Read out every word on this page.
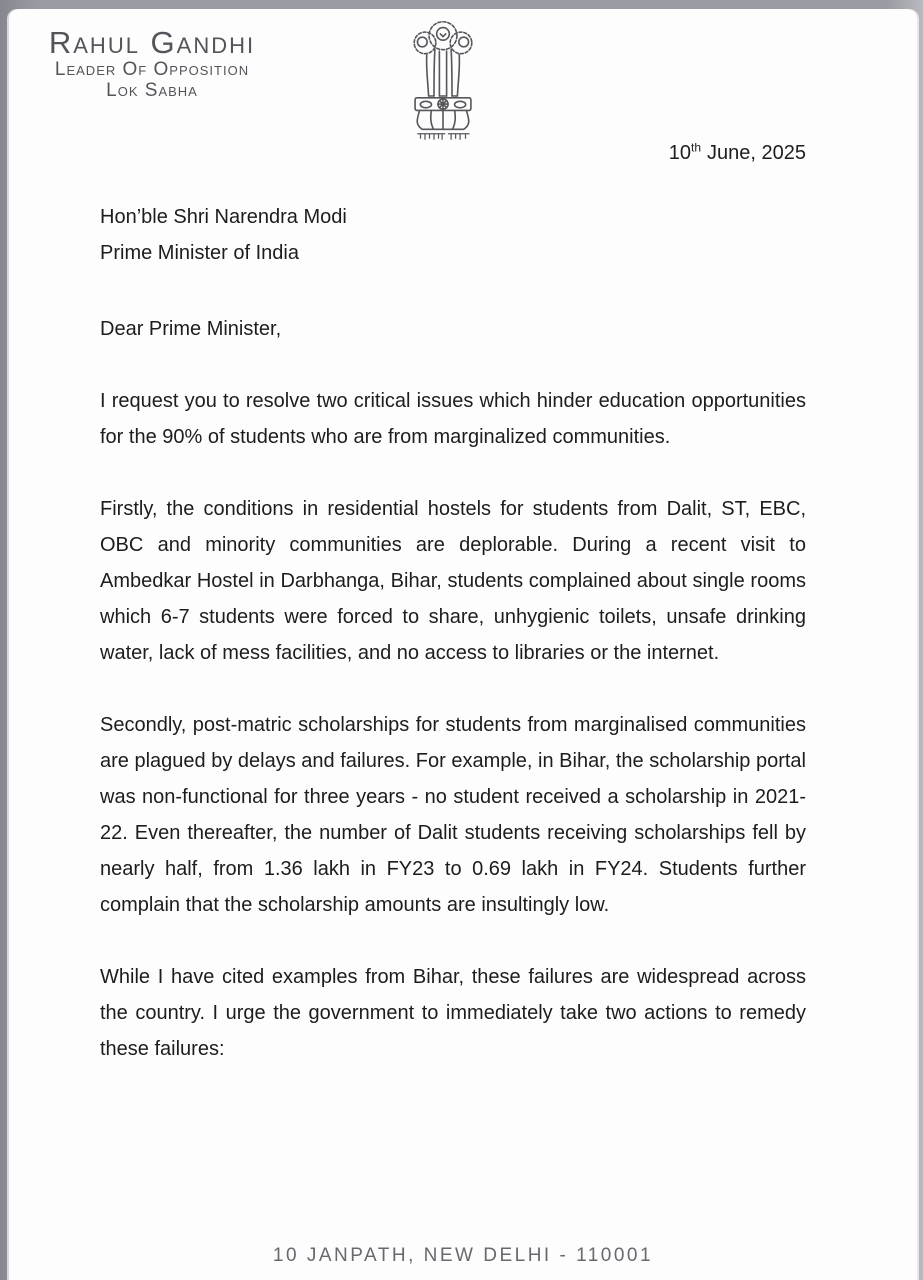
Rahul Gandhi
Leader Of Opposition
Lok Sabha
10th June, 2025
Hon’ble Shri Narendra Modi
Prime Minister of India
Dear Prime Minister,

I request you to resolve two critical issues which hinder education opportunities for the 90% of students who are from marginalized communities.

Firstly, the conditions in residential hostels for students from Dalit, ST, EBC, OBC and minority communities are deplorable. During a recent visit to Ambedkar Hostel in Darbhanga, Bihar, students complained about single rooms which 6-7 students were forced to share, unhygienic toilets, unsafe drinking water, lack of mess facilities, and no access to libraries or the internet.

Secondly, post-matric scholarships for students from marginalised communities are plagued by delays and failures. For example, in Bihar, the scholarship portal was non-functional for three years - no student received a scholarship in 2021-22. Even thereafter, the number of Dalit students receiving scholarships fell by nearly half, from 1.36 lakh in FY23 to 0.69 lakh in FY24. Students further complain that the scholarship amounts are insultingly low.

While I have cited examples from Bihar, these failures are widespread across the country. I urge the government to immediately take two actions to remedy these failures:

10 JANPATH, NEW DELHI - 110001
